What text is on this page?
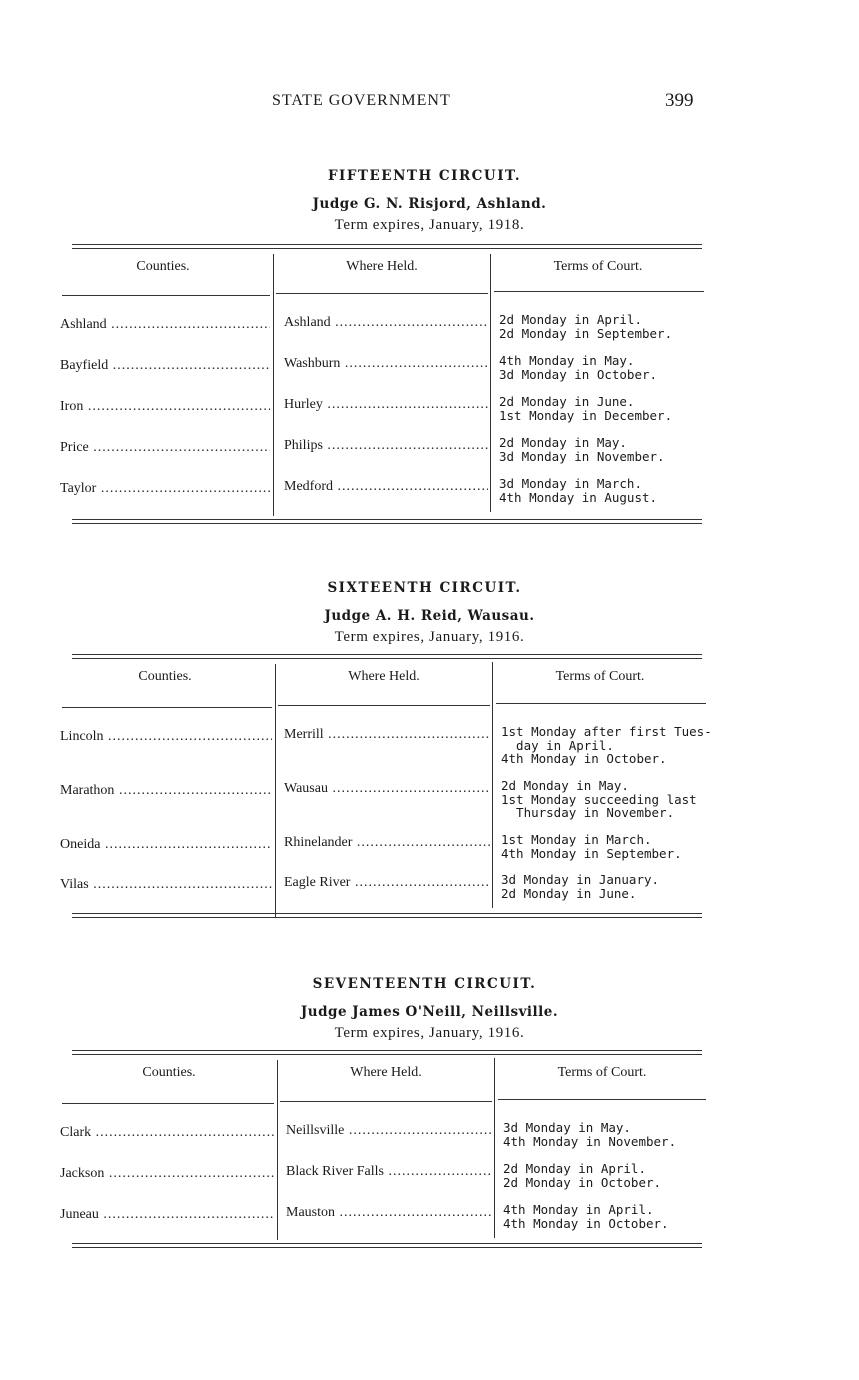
STATE GOVERNMENT	399
FIFTEENTH CIRCUIT.
Judge G. N. Risjord, Ashland.
Term expires, January, 1918.
Counties.	Where Held.	Terms of Court.
Ashland .....	Ashland .....	2d Monday in April.
2d Monday in September.
Bayfield .....	Washburn .....	4th Monday in May.
3d Monday in October.
Iron .....	Hurley .....	2d Monday in June.
1st Monday in December.
Price .....	Philips .....	2d Monday in May.
3d Monday in November.
Taylor .....	Medford .....	3d Monday in March.
4th Monday in August.
SIXTEENTH CIRCUIT.
Judge A. H. Reid, Wausau.
Term expires, January, 1916.
Counties.	Where Held.	Terms of Court.
Lincoln .....	Merrill .....	1st Monday after first Tues-
day in April.
4th Monday in October.
Marathon .....	Wausau .....	2d Monday in May.
1st Monday succeeding last
Thursday in November.
Oneida .....	Rhinelander .....	1st Monday in March.
4th Monday in September.
Vilas .....	Eagle River .....	3d Monday in January.
2d Monday in June.
SEVENTEENTH CIRCUIT.
Judge James O'Neill, Neillsville.
Term expires, January, 1916.
Counties.	Where Held.	Terms of Court.
Clark .....	Neillsville .....	3d Monday in May.
4th Monday in November.
Jackson .....	Black River Falls .....	2d Monday in April.
2d Monday in October.
Juneau .....	Mauston .....	4th Monday in April.
4th Monday in October.
